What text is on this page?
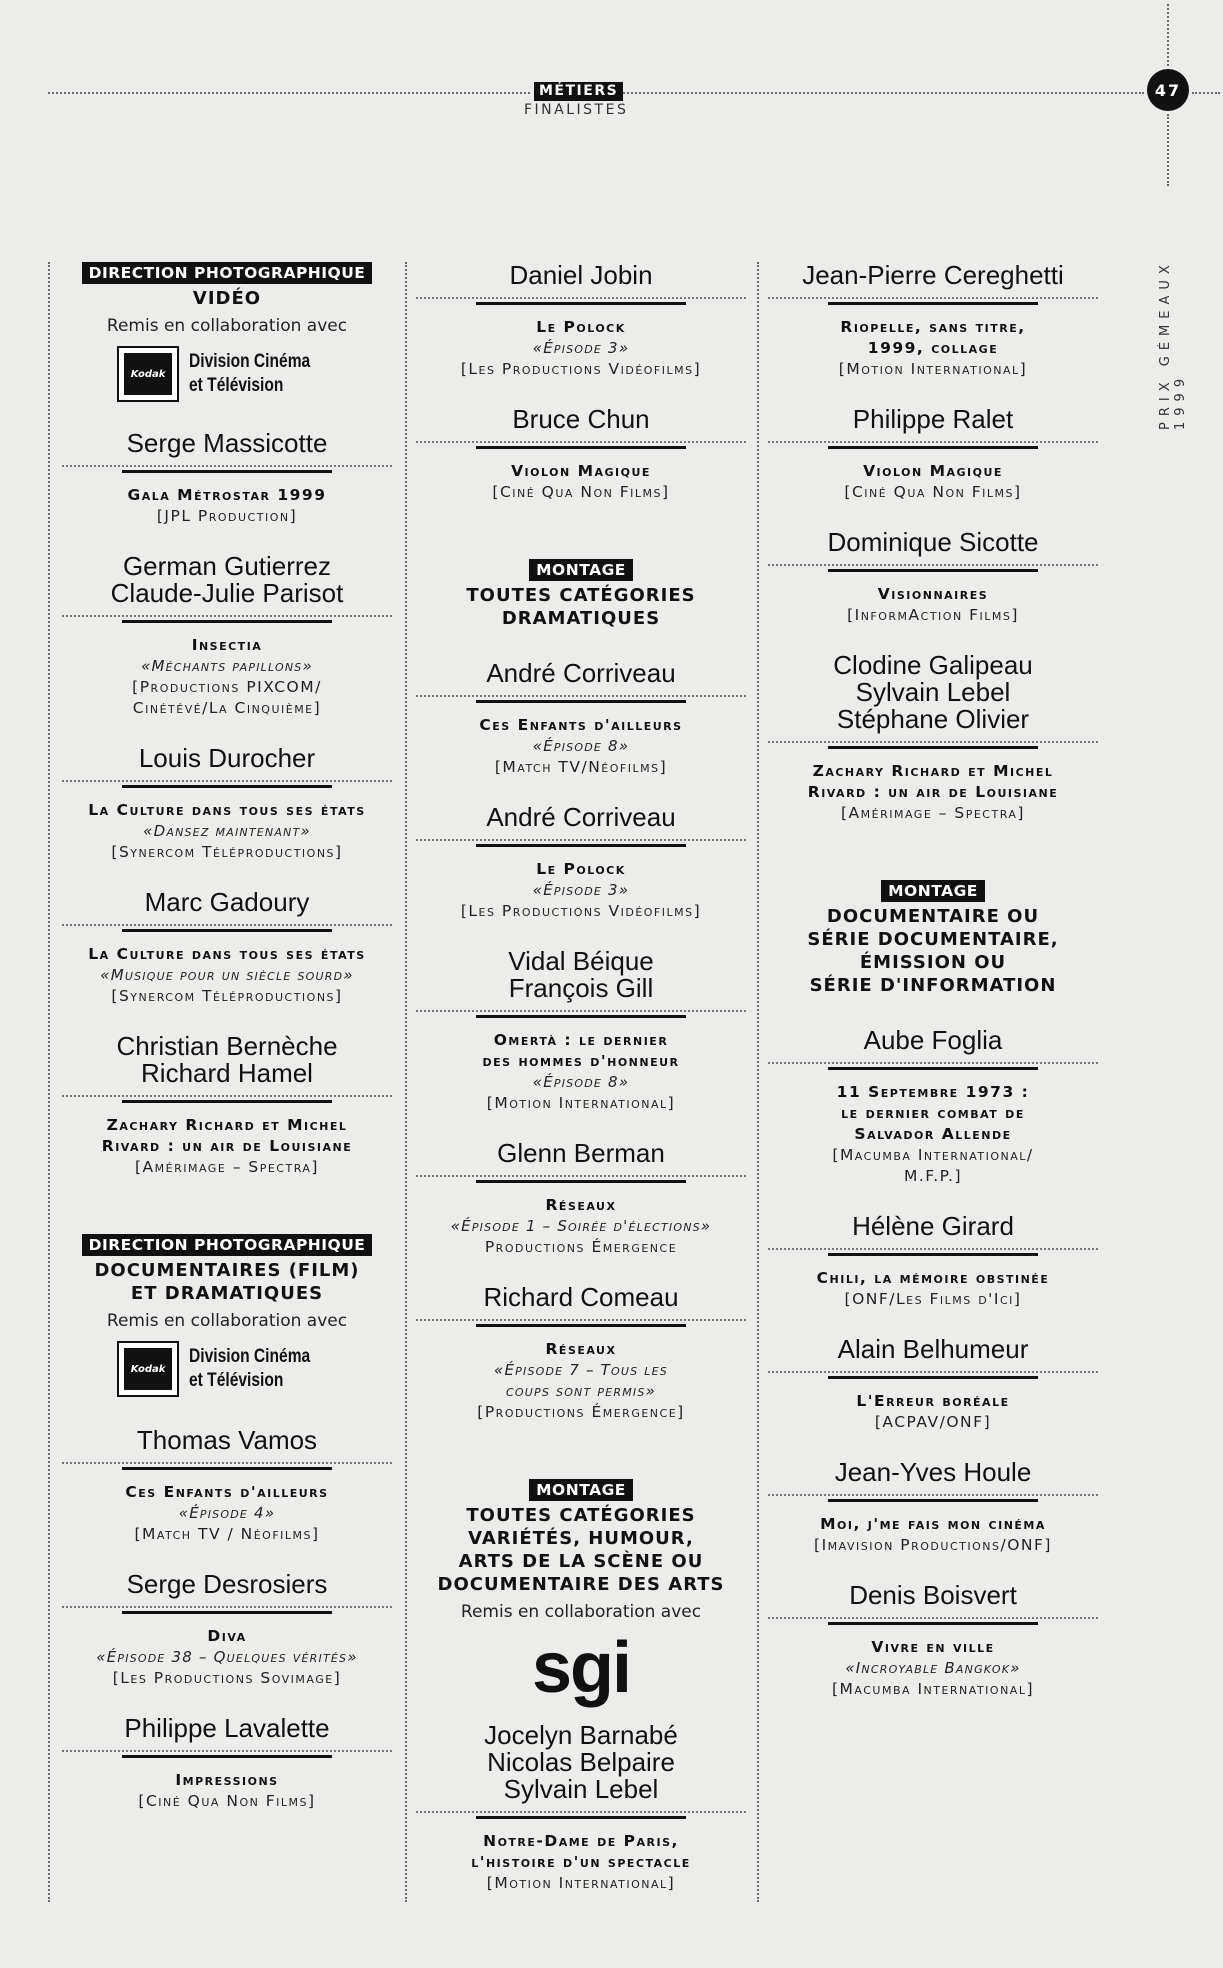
MÉTIERS
FINALISTES
47
PRIX GÉMEAUX 1999
DIRECTION PHOTOGRAPHIQUE
VIDÉO
Remis en collaboration avec
Kodak
Division Cinéma
et Télévision
Serge Massicotte
Gala Métrostar 1999
[JPL Production]
German Gutierrez
Claude-Julie Parisot
Insectia
«Méchants papillons»
[Productions PIXCOM/
Cinétévé/La Cinquième]
Louis Durocher
La Culture dans tous ses états
«Dansez maintenant»
[Synercom Téléproductions]
Marc Gadoury
La Culture dans tous ses états
«Musique pour un siècle sourd»
[Synercom Téléproductions]
Christian Bernèche
Richard Hamel
Zachary Richard et Michel
Rivard : un air de Louisiane
[Amérimage – Spectra]
DIRECTION PHOTOGRAPHIQUE
DOCUMENTAIRES (FILM)
ET DRAMATIQUES
Remis en collaboration avec
Kodak
Division Cinéma
et Télévision
Thomas Vamos
Ces Enfants d'ailleurs
«Épisode 4»
[Match TV / Néofilms]
Serge Desrosiers
Diva
«Épisode 38 – Quelques vérités»
[Les Productions Sovimage]
Philippe Lavalette
Impressions
[Ciné Qua Non Films]
Daniel Jobin
Le Polock
«Épisode 3»
[Les Productions Vidéofilms]
Bruce Chun
Violon Magique
[Ciné Qua Non Films]
MONTAGE
TOUTES CATÉGORIES
DRAMATIQUES
André Corriveau
Ces Enfants d'ailleurs
«Épisode 8»
[Match TV/Néofilms]
André Corriveau
Le Polock
«Épisode 3»
[Les Productions Vidéofilms]
Vidal Béique
François Gill
Omertà : le dernier
des hommes d'honneur
«Épisode 8»
[Motion International]
Glenn Berman
Réseaux
«Épisode 1 – Soirée d'élections»
Productions Émergence
Richard Comeau
Réseaux
«Épisode 7 – Tous les
coups sont permis»
[Productions Émergence]
MONTAGE
TOUTES CATÉGORIES
VARIÉTÉS, HUMOUR,
ARTS DE LA SCÈNE OU
DOCUMENTAIRE DES ARTS
Remis en collaboration avec
sgi
Jocelyn Barnabé
Nicolas Belpaire
Sylvain Lebel
Notre-Dame de Paris,
l'histoire d'un spectacle
[Motion International]
Jean-Pierre Cereghetti
Riopelle, sans titre,
1999, collage
[Motion International]
Philippe Ralet
Violon Magique
[Ciné Qua Non Films]
Dominique Sicotte
Visionnaires
[InformAction Films]
Clodine Galipeau
Sylvain Lebel
Stéphane Olivier
Zachary Richard et Michel
Rivard : un air de Louisiane
[Amérimage – Spectra]
MONTAGE
DOCUMENTAIRE OU
SÉRIE DOCUMENTAIRE,
ÉMISSION OU
SÉRIE D'INFORMATION
Aube Foglia
11 Septembre 1973 :
le dernier combat de
Salvador Allende
[Macumba International/
M.F.P.]
Hélène Girard
Chili, la mémoire obstinée
[ONF/Les Films d'Ici]
Alain Belhumeur
L'Erreur boréale
[ACPAV/ONF]
Jean-Yves Houle
Moi, j'me fais mon cinéma
[Imavision Productions/ONF]
Denis Boisvert
Vivre en ville
«Incroyable Bangkok»
[Macumba International]
